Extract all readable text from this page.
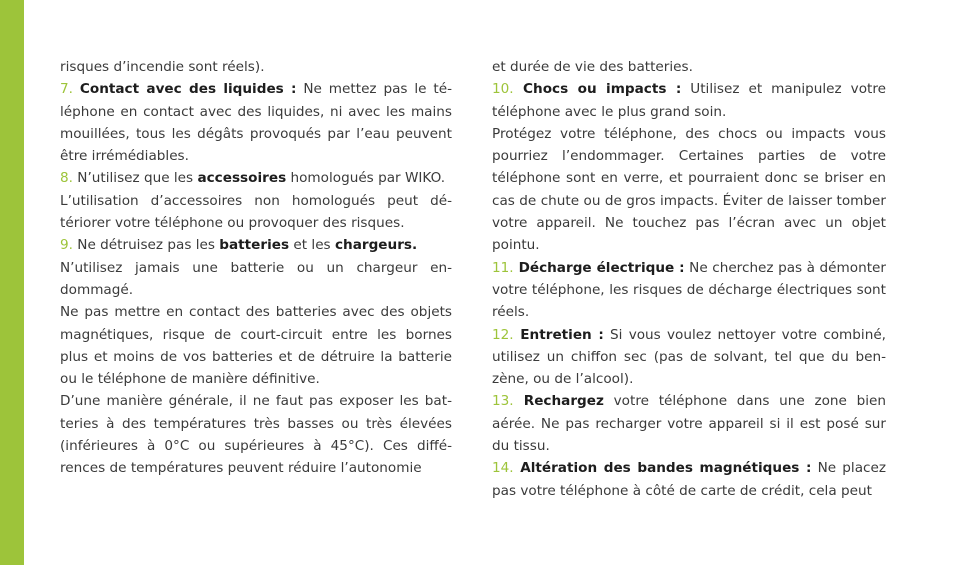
risques d’incendie sont réels).

7. Contact avec des liquides : Ne mettez pas le té-léphone en contact avec des liquides, ni avec les mains mouillées, tous les dégâts provoqués par l’eau peuvent être irrémédiables.

8. N’utilisez que les accessoires homologués par WIKO.

L’utilisation d’accessoires non homologués peut dé-tériorer votre téléphone ou provoquer des risques.

9. Ne détruisez pas les batteries et les chargeurs.

N’utilisez jamais une batterie ou un chargeur en-dommagé.

Ne pas mettre en contact des batteries avec des objets magnétiques, risque de court-circuit entre les bornes plus et moins de vos batteries et de détruire la batterie ou le téléphone de manière définitive.

D’une manière générale, il ne faut pas exposer les bat-teries à des températures très basses ou très élevées (inférieures à 0°C ou supérieures à 45°C). Ces diffé-rences de températures peuvent réduire l’autonomie

et durée de vie des batteries.

10. Chocs ou impacts : Utilisez et manipulez votre téléphone avec le plus grand soin.

Protégez votre téléphone, des chocs ou impacts vous pourriez l’endommager. Certaines parties de votre téléphone sont en verre, et pourraient donc se briser en cas de chute ou de gros impacts. Éviter de laisser tomber votre appareil. Ne touchez pas l’écran avec un objet pointu.

11. Décharge électrique : Ne cherchez pas à démonter votre téléphone, les risques de décharge électriques sont réels.

12. Entretien : Si vous voulez nettoyer votre combiné, utilisez un chiffon sec (pas de solvant, tel que du ben-zène, ou de l’alcool).

13. Rechargez votre téléphone dans une zone bien aérée. Ne pas recharger votre appareil si il est posé sur du tissu.

14. Altération des bandes magnétiques : Ne placez pas votre téléphone à côté de carte de crédit, cela peut
